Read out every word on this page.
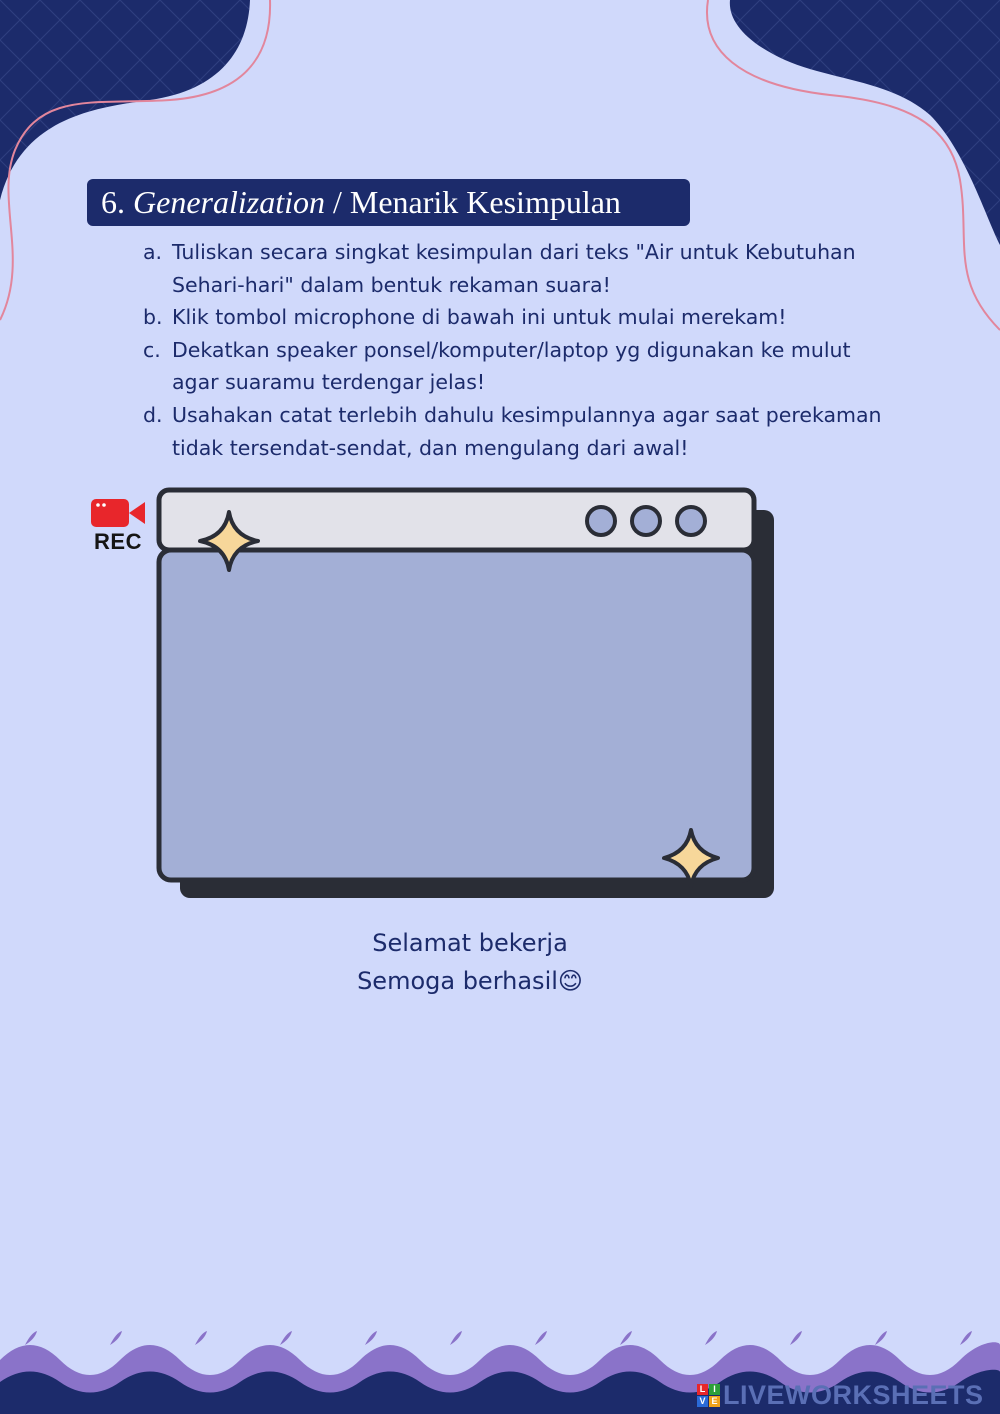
6. Generalization / Menarik Kesimpulan
a. Tuliskan secara singkat kesimpulan dari teks "Air untuk Kebutuhan Sehari-hari" dalam bentuk rekaman suara!
b. Klik tombol microphone di bawah ini untuk mulai merekam!
c. Dekatkan speaker ponsel/komputer/laptop yg digunakan ke mulut agar suaramu terdengar jelas!
d. Usahakan catat terlebih dahulu kesimpulannya agar saat perekaman tidak tersendat-sendat, dan mengulang dari awal!
REC
Selamat bekerja
Semoga berhasil😊
L I
V E LIVEWORKSHEETS
